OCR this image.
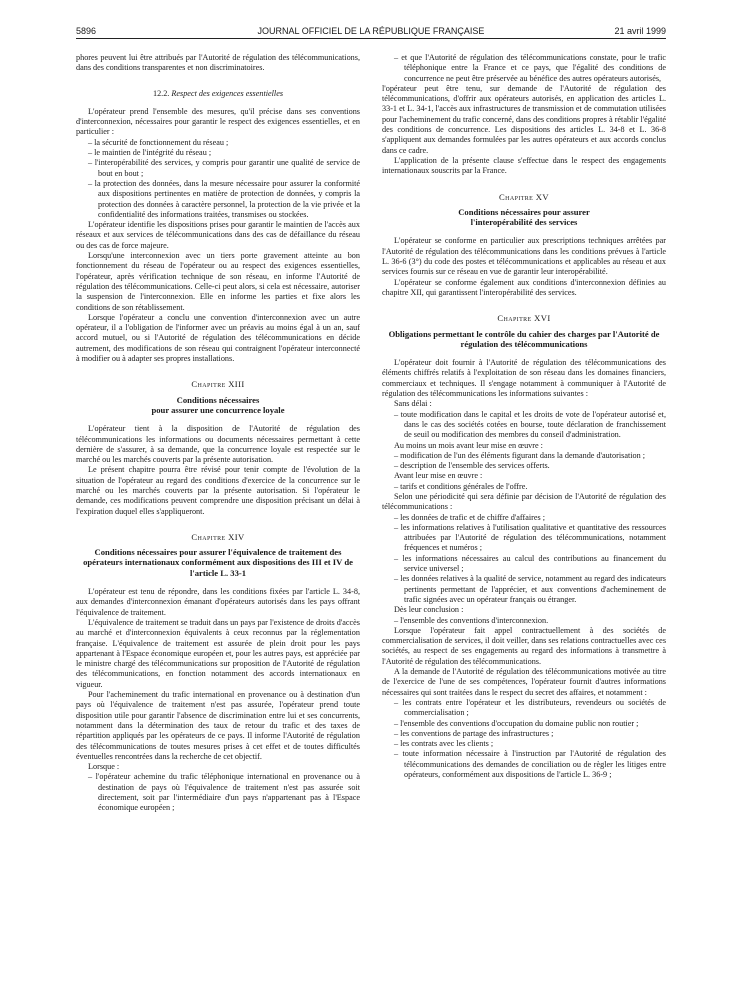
5896	JOURNAL OFFICIEL DE LA RÉPUBLIQUE FRANÇAISE	21 avril 1999

phores peuvent lui être attribués par l'Autorité de régulation des télécommunications, dans des conditions transparentes et non discriminatoires.

12.2. Respect des exigences essentielles

L'opérateur prend l'ensemble des mesures, qu'il précise dans ses conventions d'interconnexion, nécessaires pour garantir le respect des exigences essentielles, et en particulier :

– la sécurité de fonctionnement du réseau ;
– le maintien de l'intégrité du réseau ;
– l'interopérabilité des services, y compris pour garantir une qualité de service de bout en bout ;
– la protection des données, dans la mesure nécessaire pour assurer la conformité aux dispositions pertinentes en matière de protection de données, y compris la protection des données à caractère personnel, la protection de la vie privée et la confidentialité des informations traitées, transmises ou stockées.

L'opérateur identifie les dispositions prises pour garantir le maintien de l'accès aux réseaux et aux services de télécommunications dans des cas de défaillance du réseau ou des cas de force majeure.

Lorsqu'une interconnexion avec un tiers porte gravement atteinte au bon fonctionnement du réseau de l'opérateur ou au respect des exigences essentielles, l'opérateur, après vérification technique de son réseau, en informe l'Autorité de régulation des télécommunications. Celle-ci peut alors, si cela est nécessaire, autoriser la suspension de l'interconnexion. Elle en informe les parties et fixe alors les conditions de son rétablissement.

Lorsque l'opérateur a conclu une convention d'interconnexion avec un autre opérateur, il a l'obligation de l'informer avec un préavis au moins égal à un an, sauf accord mutuel, ou si l'Autorité de régulation des télécommunications en décide autrement, des modifications de son réseau qui contraignent l'opérateur interconnecté à modifier ou à adapter ses propres installations.

Chapitre XIII
Conditions nécessaires
pour assurer une concurrence loyale

L'opérateur tient à la disposition de l'Autorité de régulation des télécommunications les informations ou documents nécessaires permettant à cette dernière de s'assurer, à sa demande, que la concurrence loyale est respectée sur le marché ou les marchés couverts par la présente autorisation.

Le présent chapitre pourra être révisé pour tenir compte de l'évolution de la situation de l'opérateur au regard des conditions d'exercice de la concurrence sur le marché ou les marchés couverts par la présente autorisation. Si l'opérateur le demande, ces modifications peuvent comprendre une disposition précisant un délai à l'expiration duquel elles s'appliqueront.

Chapitre XIV
Conditions nécessaires pour assurer l'équivalence de traitement des opérateurs internationaux conformément aux dispositions des III et IV de l'article L. 33-1

L'opérateur est tenu de répondre, dans les conditions fixées par l'article L. 34-8, aux demandes d'interconnexion émanant d'opérateurs autorisés dans les pays offrant l'équivalence de traitement.

L'équivalence de traitement se traduit dans un pays par l'existence de droits d'accès au marché et d'interconnexion équivalents à ceux reconnus par la réglementation française. L'équivalence de traitement est assurée de plein droit pour les pays appartenant à l'Espace économique européen et, pour les autres pays, est appréciée par le ministre chargé des télécommunications sur proposition de l'Autorité de régulation des télécommunications, en fonction notamment des accords internationaux en vigueur.

Pour l'acheminement du trafic international en provenance ou à destination d'un pays où l'équivalence de traitement n'est pas assurée, l'opérateur prend toute disposition utile pour garantir l'absence de discrimination entre lui et ses concurrents, notamment dans la détermination des taux de retour du trafic et des taxes de répartition appliqués par les opérateurs de ce pays. Il informe l'Autorité de régulation des télécommunications de toutes mesures prises à cet effet et de toutes difficultés éventuelles rencontrées dans la recherche de cet objectif.

Lorsque :

– l'opérateur achemine du trafic téléphonique international en provenance ou à destination de pays où l'équivalence de traitement n'est pas assurée soit directement, soit par l'intermédiaire d'un pays n'appartenant pas à l'Espace économique européen ;
– et que l'Autorité de régulation des télécommunications constate, pour le trafic téléphonique entre la France et ce pays, que l'égalité des conditions de concurrence ne peut être préservée au bénéfice des autres opérateurs autorisés,

l'opérateur peut être tenu, sur demande de l'Autorité de régulation des télécommunications, d'offrir aux opérateurs autorisés, en application des articles L. 33-1 et L. 34-1, l'accès aux infrastructures de transmission et de commutation utilisées pour l'acheminement du trafic concerné, dans des conditions propres à rétablir l'égalité des conditions de concurrence. Les dispositions des articles L. 34-8 et L. 36-8 s'appliquent aux demandes formulées par les autres opérateurs et aux accords conclus dans ce cadre.

L'application de la présente clause s'effectue dans le respect des engagements internationaux souscrits par la France.

Chapitre XV
Conditions nécessaires pour assurer
l'interopérabilité des services

L'opérateur se conforme en particulier aux prescriptions techniques arrêtées par l'Autorité de régulation des télécommunications dans les conditions prévues à l'article L. 36-6 (3°) du code des postes et télécommunications et applicables au réseau et aux services fournis sur ce réseau en vue de garantir leur interopérabilité.

L'opérateur se conforme également aux conditions d'interconnexion définies au chapitre XII, qui garantissent l'interopérabilité des services.

Chapitre XVI
Obligations permettant le contrôle du cahier des charges par l'Autorité de régulation des télécommunications

L'opérateur doit fournir à l'Autorité de régulation des télécommunications des éléments chiffrés relatifs à l'exploitation de son réseau dans les domaines financiers, commerciaux et techniques. Il s'engage notamment à communiquer à l'Autorité de régulation des télécommunications les informations suivantes :

Sans délai :

– toute modification dans le capital et les droits de vote de l'opérateur autorisé et, dans le cas des sociétés cotées en bourse, toute déclaration de franchissement de seuil ou modification des membres du conseil d'administration.

Au moins un mois avant leur mise en œuvre :

– modification de l'un des éléments figurant dans la demande d'autorisation ;
– description de l'ensemble des services offerts.

Avant leur mise en œuvre :

– tarifs et conditions générales de l'offre.

Selon une périodicité qui sera définie par décision de l'Autorité de régulation des télécommunications :

– les données de trafic et de chiffre d'affaires ;
– les informations relatives à l'utilisation qualitative et quantitative des ressources attribuées par l'Autorité de régulation des télécommunications, notamment fréquences et numéros ;
– les informations nécessaires au calcul des contributions au financement du service universel ;
– les données relatives à la qualité de service, notamment au regard des indicateurs pertinents permettant de l'apprécier, et aux conventions d'acheminement de trafic signées avec un opérateur français ou étranger.

Dès leur conclusion :

– l'ensemble des conventions d'interconnexion.

Lorsque l'opérateur fait appel contractuellement à des sociétés de commercialisation de services, il doit veiller, dans ses relations contractuelles avec ces sociétés, au respect de ses engagements au regard des informations à transmettre à l'Autorité de régulation des télécommunications.

A la demande de l'Autorité de régulation des télécommunications motivée au titre de l'exercice de l'une de ses compétences, l'opérateur fournit d'autres informations nécessaires qui sont traitées dans le respect du secret des affaires, et notamment :

– les contrats entre l'opérateur et les distributeurs, revendeurs ou sociétés de commercialisation ;
– l'ensemble des conventions d'occupation du domaine public non routier ;
– les conventions de partage des infrastructures ;
– les contrats avec les clients ;
– toute information nécessaire à l'instruction par l'Autorité de régulation des télécommunications des demandes de conciliation ou de règler les litiges entre opérateurs, conformément aux dispositions de l'article L. 36-9 ;
